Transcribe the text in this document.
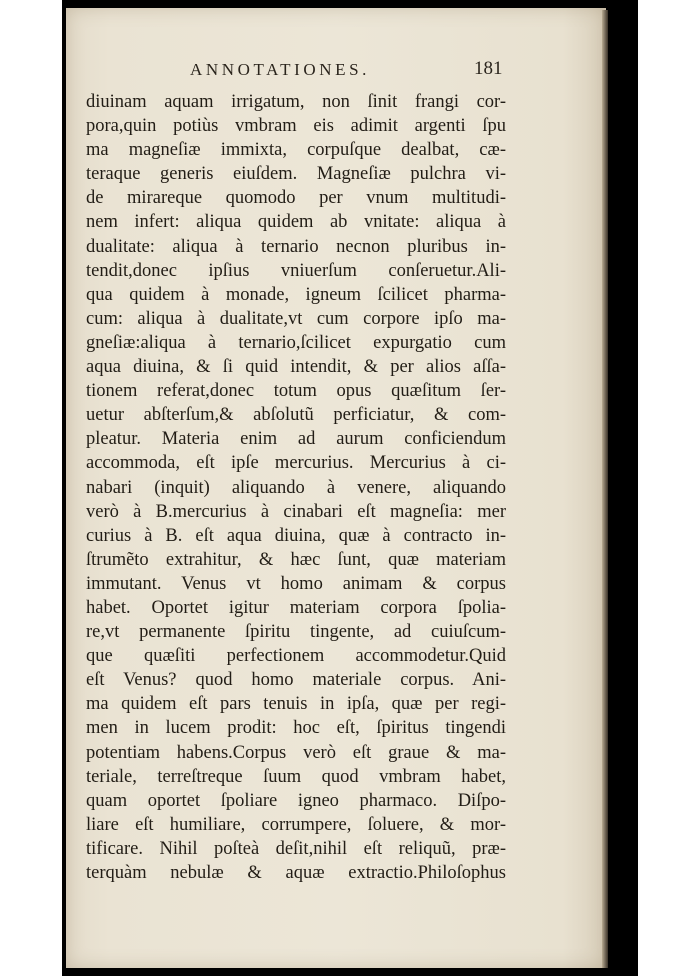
ANNOTATIONES.	181
diuinam aquam irrigatum, non ſinit frangi cor-
pora,quin potiùs vmbram eis adimit argenti ſpu
ma magneſiæ immixta, corpuſque dealbat, cæ-
teraque generis eiuſdem. Magneſiæ pulchra vi-
de mirareque quomodo per vnum multitudi-
nem infert: aliqua quidem ab vnitate: aliqua à
dualitate: aliqua à ternario necnon pluribus in-
tendit,donec ipſius vniuerſum conſeruetur.Ali-
qua quidem à monade, igneum ſcilicet pharma-
cum: aliqua à dualitate,vt cum corpore ipſo ma-
gneſiæ:aliqua à ternario,ſcilicet expurgatio cum
aqua diuina, & ſi quid intendit, & per alios aſſa-
tionem referat,donec totum opus quæſitum ſer-
uetur abſterſum,& abſolutũ perficiatur, & com-
pleatur. Materia enim ad aurum conficiendum
accommoda, eſt ipſe mercurius. Mercurius à ci-
nabari (inquit) aliquando à venere, aliquando
verò à B.mercurius à cinabari eſt magneſia: mer
curius à B. eſt aqua diuina, quæ à contracto in-
ſtrumẽto extrahitur, & hæc ſunt, quæ materiam
immutant. Venus vt homo animam & corpus
habet. Oportet igitur materiam corpora ſpolia-
re,vt permanente ſpiritu tingente, ad cuiuſcum-
que quæſiti perfectionem accommodetur.Quid
eſt Venus? quod homo materiale corpus. Ani-
ma quidem eſt pars tenuis in ipſa, quæ per regi-
men in lucem prodit: hoc eſt, ſpiritus tingendi
potentiam habens.Corpus verò eſt graue & ma-
teriale, terreſtreque ſuum quod vmbram habet,
quam oportet ſpoliare igneo pharmaco. Diſpo-
liare eſt humiliare, corrumpere, ſoluere, & mor-
tificare. Nihil poſteà deſit,nihil eſt reliquũ, præ-
terquàm nebulæ & aquæ extractio.Philoſophus
